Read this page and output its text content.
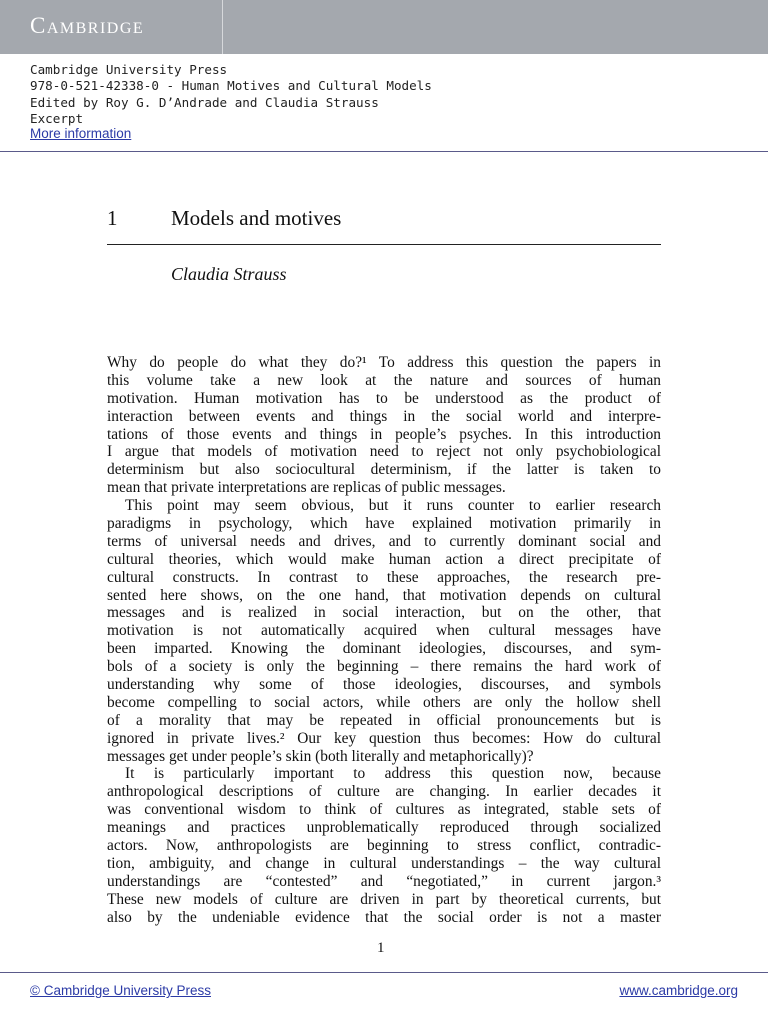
Cambridge
Cambridge University Press
978-0-521-42338-0 - Human Motives and Cultural Models
Edited by Roy G. D’Andrade and Claudia Strauss
Excerpt
More information
1	Models and motives
Claudia Strauss
Why do people do what they do?¹ To address this question the papers in
this volume take a new look at the nature and sources of human
motivation. Human motivation has to be understood as the product of
interaction between events and things in the social world and interpre-
tations of those events and things in people’s psyches. In this introduction
I argue that models of motivation need to reject not only psychobiological
determinism but also sociocultural determinism, if the latter is taken to
mean that private interpretations are replicas of public messages.
This point may seem obvious, but it runs counter to earlier research
paradigms in psychology, which have explained motivation primarily in
terms of universal needs and drives, and to currently dominant social and
cultural theories, which would make human action a direct precipitate of
cultural constructs. In contrast to these approaches, the research pre-
sented here shows, on the one hand, that motivation depends on cultural
messages and is realized in social interaction, but on the other, that
motivation is not automatically acquired when cultural messages have
been imparted. Knowing the dominant ideologies, discourses, and sym-
bols of a society is only the beginning – there remains the hard work of
understanding why some of those ideologies, discourses, and symbols
become compelling to social actors, while others are only the hollow shell
of a morality that may be repeated in official pronouncements but is
ignored in private lives.² Our key question thus becomes: How do cultural
messages get under people’s skin (both literally and metaphorically)?
It is particularly important to address this question now, because
anthropological descriptions of culture are changing. In earlier decades it
was conventional wisdom to think of cultures as integrated, stable sets of
meanings and practices unproblematically reproduced through socialized
actors. Now, anthropologists are beginning to stress conflict, contradic-
tion, ambiguity, and change in cultural understandings – the way cultural
understandings are “contested” and “negotiated,” in current jargon.³
These new models of culture are driven in part by theoretical currents, but
also by the undeniable evidence that the social order is not a master
1
© Cambridge University Press	www.cambridge.org
